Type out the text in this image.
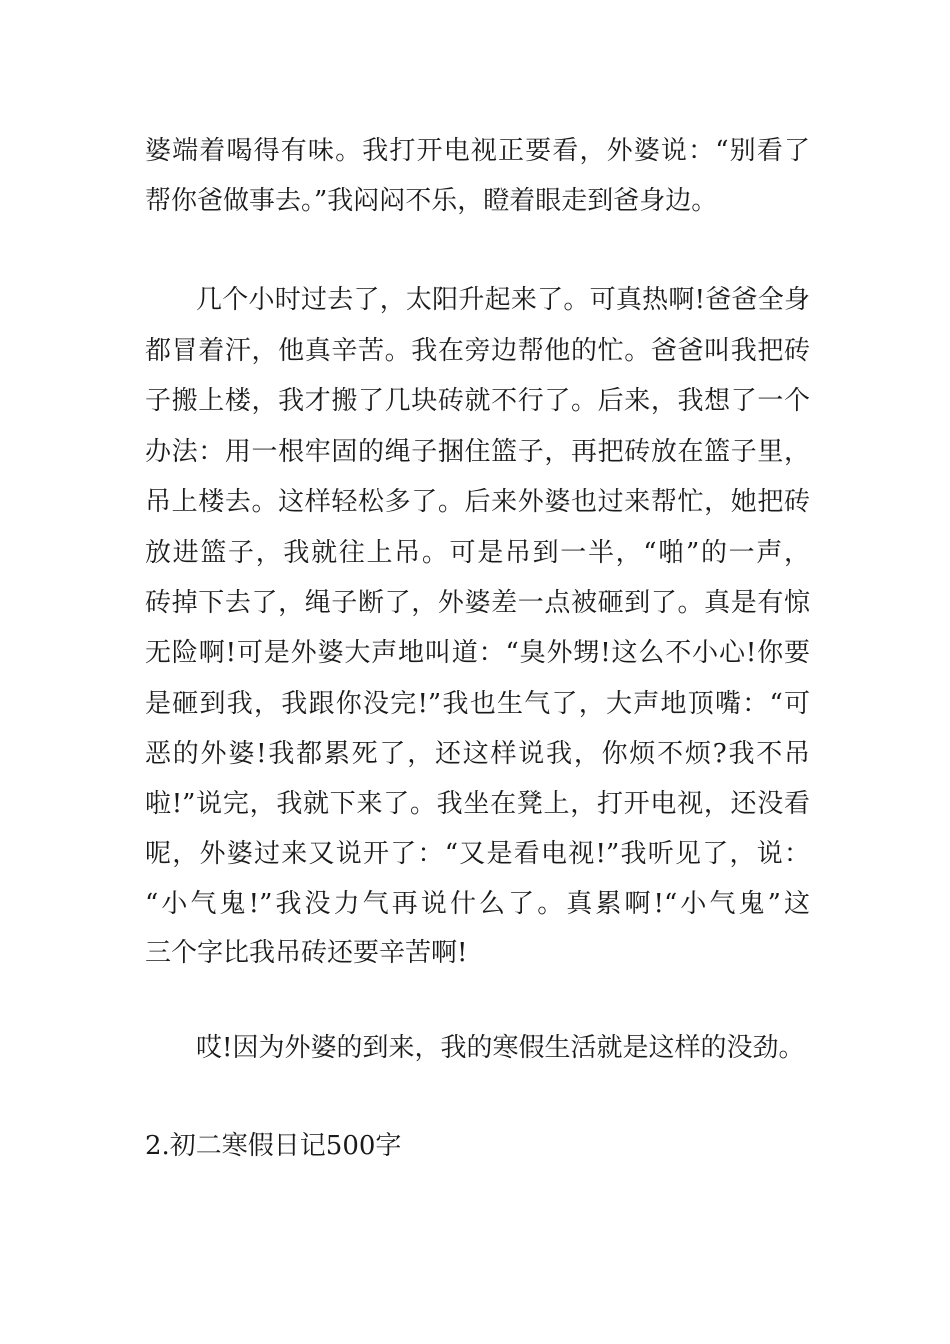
婆端着喝得有味。我打开电视正要看，外婆说：“别看了
帮你爸做事去。”我闷闷不乐，瞪着眼走到爸身边。
几个小时过去了，太阳升起来了。可真热啊!爸爸全身
都冒着汗，他真辛苦。我在旁边帮他的忙。爸爸叫我把砖
子搬上楼，我才搬了几块砖就不行了。后来，我想了一个
办法：用一根牢固的绳子捆住篮子，再把砖放在篮子里，
吊上楼去。这样轻松多了。后来外婆也过来帮忙，她把砖
放进篮子，我就往上吊。可是吊到一半，“啪”的一声，
砖掉下去了，绳子断了，外婆差一点被砸到了。真是有惊
无险啊!可是外婆大声地叫道：“臭外甥!这么不小心!你要
是砸到我，我跟你没完!”我也生气了，大声地顶嘴：“可
恶的外婆!我都累死了，还这样说我，你烦不烦?我不吊
啦!”说完，我就下来了。我坐在凳上，打开电视，还没看
呢，外婆过来又说开了：“又是看电视!”我听见了，说：
“小气鬼!”我没力气再说什么了。真累啊!“小气鬼”这
三个字比我吊砖还要辛苦啊!
哎!因为外婆的到来，我的寒假生活就是这样的没劲。
2.初二寒假日记500字
